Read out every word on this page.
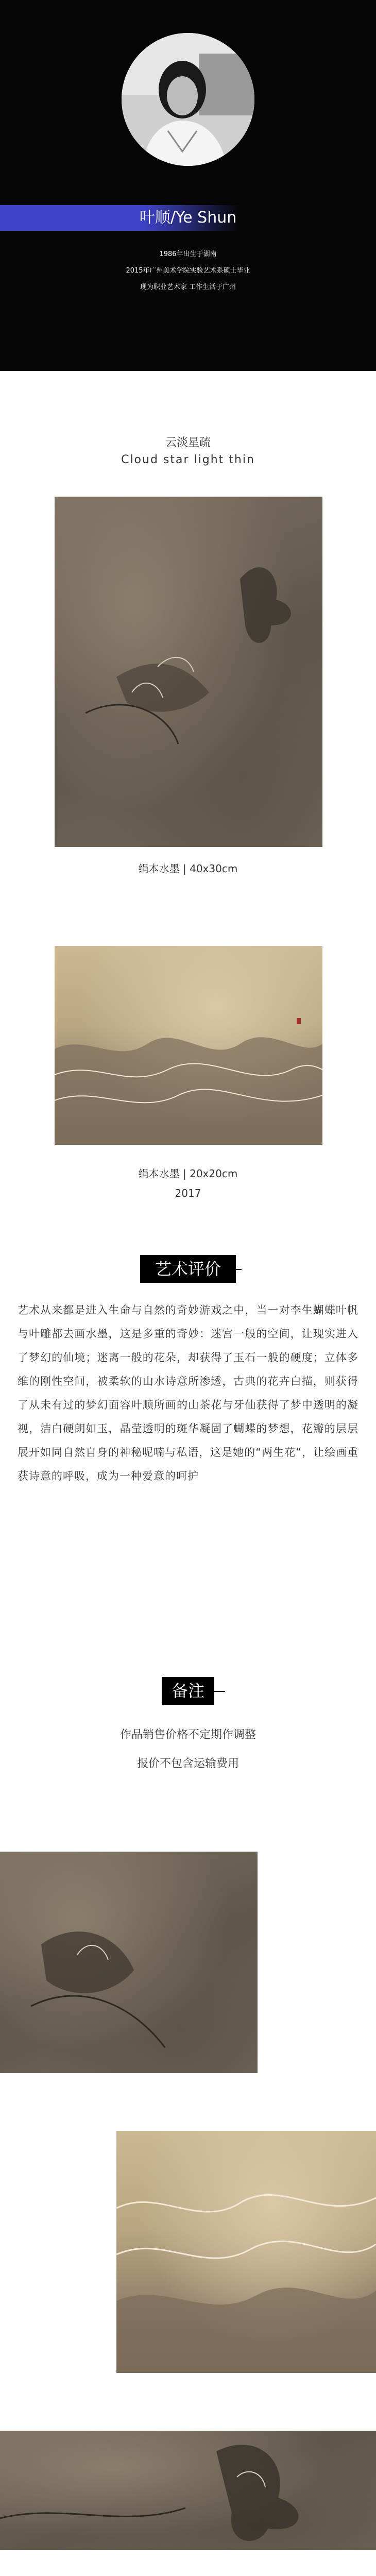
叶顺/Ye Shun
1986年出生于湖南
2015年广州美术学院实验艺术系硕士毕业
现为职业艺术家 工作生活于广州
云淡星疏
Cloud star light thin
绢本水墨 | 40x30cm
绢本水墨 | 20x20cm
2017
艺术评价
艺术从来都是进入生命与自然的奇妙游戏之中，当一对李生蝴蝶叶帆与叶雕都去画水墨，这是多重的奇妙：迷宫一般的空间，让现实进入了梦幻的仙境；迷离一般的花朵，却获得了玉石一般的硬度；立体多维的刚性空间，被柔软的山水诗意所渗透，古典的花卉白描，则获得了从未有过的梦幻面容叶顺所画的山茶花与牙仙获得了梦中透明的凝视，洁白硬朗如玉，晶莹透明的斑华凝固了蝴蝶的梦想，花瓣的层层展开如同自然自身的神秘呢喃与私语，这是她的“两生花”，让绘画重获诗意的呼吸，成为一种爱意的呵护
备注
作品销售价格不定期作调整
报价不包含运输费用
